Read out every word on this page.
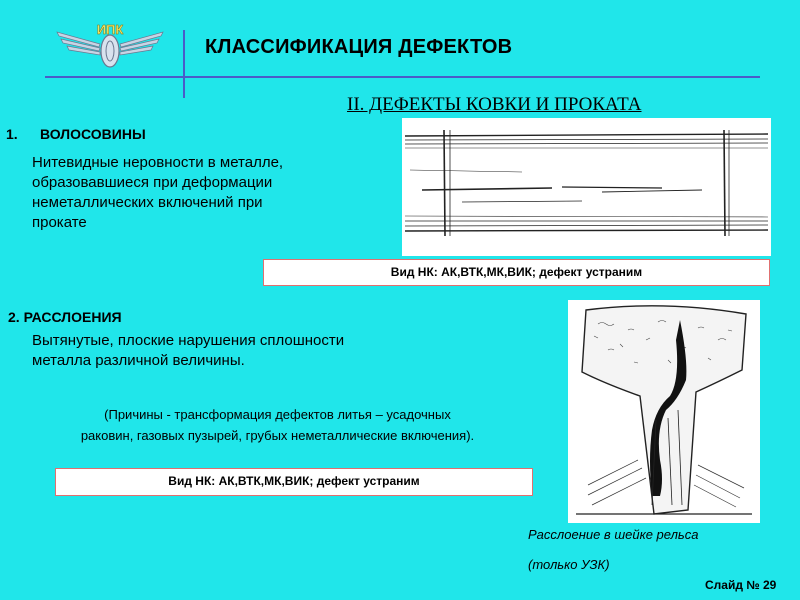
ИПК
КЛАССИФИКАЦИЯ ДЕФЕКТОВ
II. ДЕФЕКТЫ КОВКИ И ПРОКАТА
1. ВОЛОСОВИНЫ
Нитевидные неровности в металле,
образовавшиеся при деформации
неметаллических включений при
прокате
Вид НК: АК,ВТК,МК,ВИК; дефект устраним
2. РАССЛОЕНИЯ
Вытянутые, плоские нарушения сплошности
металла различной величины.
(Причины - трансформация дефектов литья – усадочных
раковин, газовых пузырей, грубых неметаллические включения).
Вид НК: АК,ВТК,МК,ВИК; дефект устраним
Расслоение в шейке рельса
(только УЗК)
Слайд № 29
